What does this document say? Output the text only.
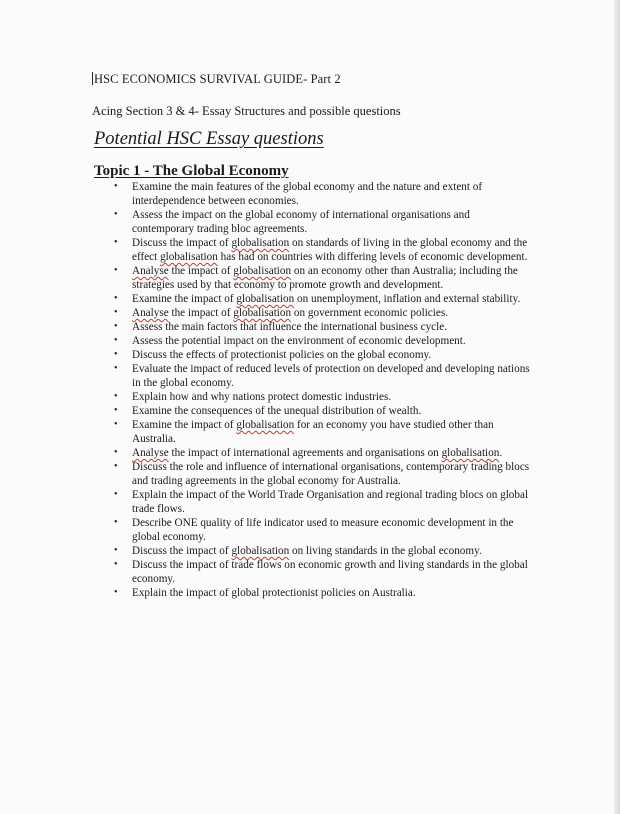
HSC ECONOMICS SURVIVAL GUIDE- Part 2
Acing Section 3 & 4- Essay Structures and possible questions
Potential HSC Essay questions
Topic 1 - The Global Economy
• Examine the main features of the global economy and the nature and extent of interdependence between economies.
• Assess the impact on the global economy of international organisations and contemporary trading bloc agreements.
• Discuss the impact of globalisation on standards of living in the global economy and the effect globalisation has had on countries with differing levels of economic development.
• Analyse the impact of globalisation on an economy other than Australia; including the strategies used by that economy to promote growth and development.
• Examine the impact of globalisation on unemployment, inflation and external stability.
• Analyse the impact of globalisation on government economic policies.
• Assess the main factors that influence the international business cycle.
• Assess the potential impact on the environment of economic development.
• Discuss the effects of protectionist policies on the global economy.
• Evaluate the impact of reduced levels of protection on developed and developing nations in the global economy.
• Explain how and why nations protect domestic industries.
• Examine the consequences of the unequal distribution of wealth.
• Examine the impact of globalisation for an economy you have studied other than Australia.
• Analyse the impact of international agreements and organisations on globalisation.
• Discuss the role and influence of international organisations, contemporary trading blocs and trading agreements in the global economy for Australia.
• Explain the impact of the World Trade Organisation and regional trading blocs on global trade flows.
• Describe ONE quality of life indicator used to measure economic development in the global economy.
• Discuss the impact of globalisation on living standards in the global economy.
• Discuss the impact of trade flows on economic growth and living standards in the global economy.
• Explain the impact of global protectionist policies on Australia.
